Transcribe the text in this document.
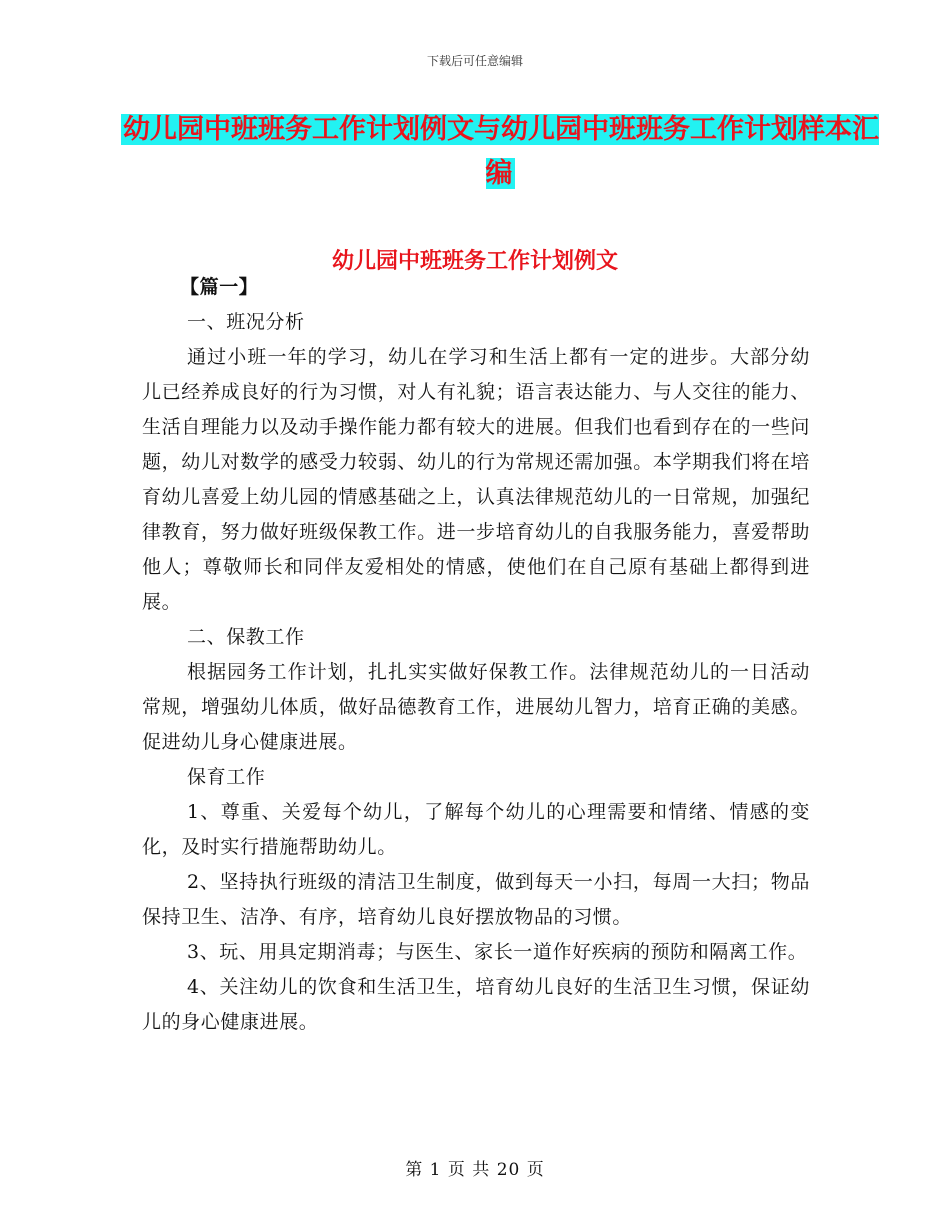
下载后可任意编辑
幼儿园中班班务工作计划例文与幼儿园中班班务工作计划样本汇编
幼儿园中班班务工作计划例文

【篇一】

一、班况分析

通过小班一年的学习，幼儿在学习和生活上都有一定的进步。大部分幼儿已经养成良好的行为习惯，对人有礼貌；语言表达能力、与人交往的能力、生活自理能力以及动手操作能力都有较大的进展。但我们也看到存在的一些问题，幼儿对数学的感受力较弱、幼儿的行为常规还需加强。本学期我们将在培育幼儿喜爱上幼儿园的情感基础之上，认真法律规范幼儿的一日常规，加强纪律教育，努力做好班级保教工作。进一步培育幼儿的自我服务能力，喜爱帮助他人；尊敬师长和同伴友爱相处的情感，使他们在自己原有基础上都得到进展。

二、保教工作

根据园务工作计划，扎扎实实做好保教工作。法律规范幼儿的一日活动常规，增强幼儿体质，做好品德教育工作，进展幼儿智力，培育正确的美感。促进幼儿身心健康进展。

保育工作

1、尊重、关爱每个幼儿，了解每个幼儿的心理需要和情绪、情感的变化，及时实行措施帮助幼儿。

2、坚持执行班级的清洁卫生制度，做到每天一小扫，每周一大扫；物品保持卫生、洁净、有序，培育幼儿良好摆放物品的习惯。

3、玩、用具定期消毒；与医生、家长一道作好疾病的预防和隔离工作。

4、关注幼儿的饮食和生活卫生，培育幼儿良好的生活卫生习惯，保证幼儿的身心健康进展。

第 1 页 共 20 页
